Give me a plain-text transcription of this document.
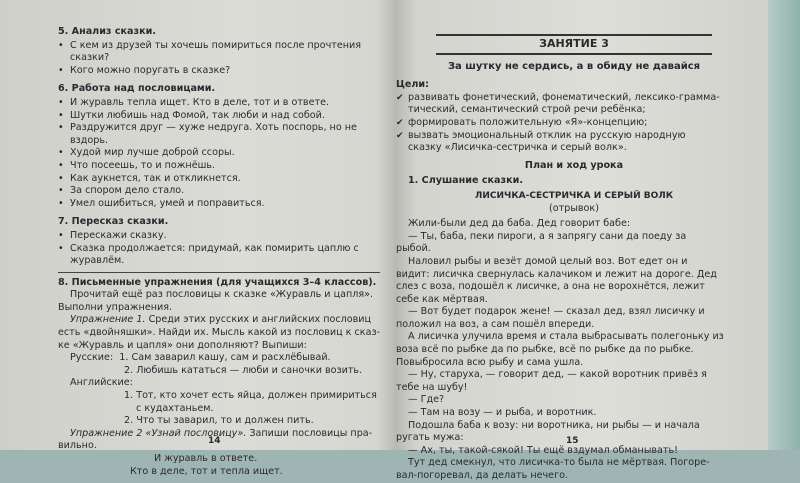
5. Анализ сказки.

• С кем из друзей ты хочешь помириться после прочтения
сказки?
• Кого можно поругать в сказке?

6. Работа над пословицами.

• И журавль тепла ищет. Кто в деле, тот и в ответе.
• Шутки любишь над Фомой, так люби и над собой.
• Раздружится друг — хуже недруга. Хоть поспорь, но не
вздорь.
• Худой мир лучше доброй ссоры.
• Что посеешь, то и пожнёшь.
• Как аукнется, так и откликнется.
• За спором дело стало.
• Умел ошибиться, умей и поправиться.

7. Пересказ сказки.

• Перескажи сказку.
• Сказка продолжается: придумай, как помирить цаплю с
журавлём.

8. Письменные упражнения (для учащихся 3–4 классов).

Прочитай ещё раз пословицы к сказке «Журавль и цапля».

Выполни упражнения.

Упражнение 1. Среди этих русских и английских пословиц

есть «двойняшки». Найди их. Мысль какой из пословиц к сказ-

ке «Журавль и цапля» они дополняют? Выпиши:

Русские: 1. Сам заварил кашу, сам и расхлёбывай.

2. Любишь кататься — люби и саночки возить.

Английские:

1. Тот, кто хочет есть яйца, должен примириться

с кудахтаньем.

2. Что ты заварил, то и должен пить.

Упражнение 2 «Узнай пословицу». Запиши пословицы пра-

вильно.

И журавль в ответе.

Кто в деле, тот и тепла ищет.

14
ЗАНЯТИЕ 3

За шутку не сердись, а в обиду не давайся

Цели:

✔ развивать фонетический, фонематический, лексико-граммa-
тический, семантический строй речи ребёнка;
✔ формировать положительную «Я»-концепцию;
✔ вызвать эмоциональный отклик на русскую народную
сказку «Лисичка-сестричка и серый волк».

План и ход урока

1. Слушание сказки.

ЛИСИЧКА-СЕСТРИЧКА И СЕРЫЙ ВОЛК

(отрывок)

Жили-были дед да баба. Дед говорит бабе:

— Ты, баба, пеки пироги, а я запрягу сани да поеду за

рыбой.

Наловил рыбы и везёт домой целый воз. Вот едет он и

видит: лисичка свернулась калачиком и лежит на дороге. Дед

слез с воза, подошёл к лисичке, а она не ворохнётся, лежит

себе как мёртвая.

— Вот будет подарок жене! — сказал дед, взял лисичку и

положил на воз, а сам пошёл впереди.

А лисичка улучила время и стала выбрасывать полегоньку из

воза всё по рыбке да по рыбке, всё по рыбке да по рыбке.

Повыбросила всю рыбу и сама ушла.

— Ну, старуха, — говорит дед, — какой воротник привёз я

тебе на шубу!

— Где?

— Там на возу — и рыба, и воротник.

Подошла баба к возу: ни воротника, ни рыбы — и начала

ругать мужа:

— Ах, ты, такой-сякой! Ты ещё вздумал обманывать!

Тут дед смекнул, что лисичка-то была не мёртвая. Погоре-

вал-погоревал, да делать нечего.

15
